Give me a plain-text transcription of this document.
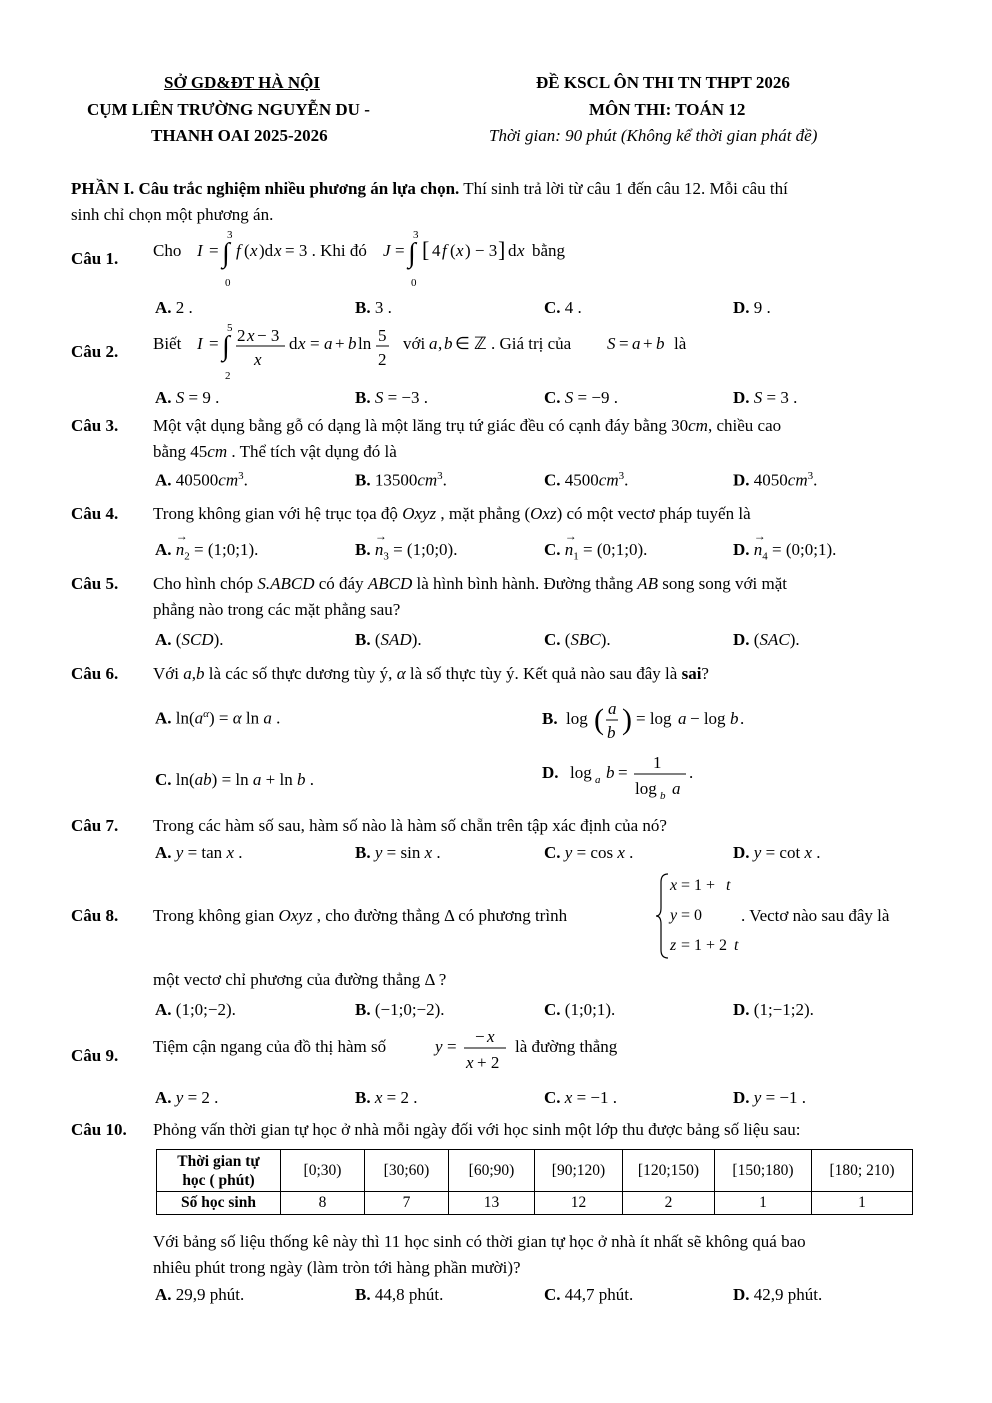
SỞ GD&ĐT HÀ NỘI
CỤM LIÊN TRƯỜNG NGUYỄN DU -
THANH OAI 2025-2026
ĐỀ KSCL ÔN THI TN THPT 2026
MÔN THI: TOÁN 12
Thời gian: 90 phút (Không kể thời gian phát đề)
PHẦN I. Câu trắc nghiệm nhiều phương án lựa chọn. Thí sinh trả lời từ câu 1 đến câu 12. Mỗi câu thí
sinh chỉ chọn một phương án.
Câu 1. Cho I = ∫
3
0
f ( x )d x = 3 . Khi đó J = ∫
3
0
[ 4 f ( x ) − 3 ] d x bằng
A. 2 .	B. 3 .	C. 4 .	D. 9 .
Câu 2. Biết I = ∫
5
2
2 x − 3
x
d x = a + b ln 5
2
với a , b ∈ ℤ . Giá trị của S = a + b là
A. S = 9 .	B. S = −3 .	C. S = −9 .	D. S = 3 .
Câu 3. Một vật dụng bằng gỗ có dạng là một lăng trụ tứ giác đều có cạnh đáy bằng 30cm, chiều cao
bằng 45cm . Thể tích vật dụng đó là
A. $40500cm^3$.	B. $13500cm^3$.	C. $4500cm^3$.	D. $4050cm^3$.
Câu 4. Trong không gian với hệ trục tọa độ Oxyz , mặt phẳng (Oxz) có một vectơ pháp tuyến là
A.
→
$n_2$ = (1;0;1).	B.
→
$n_3$ = (1;0;0).	C.
→
$n_1$ = (0;1;0).	D.
→
$n_4$ = (0;0;1).
Câu 5. Cho hình chóp S.ABCD có đáy ABCD là hình bình hành. Đường thẳng AB song song với mặt
phẳng nào trong các mặt phẳng sau?
A. (SCD).	B. (SAD).	C. (SBC).	D. (SAC).
Câu 6. Với a,b là các số thực dương tùy ý, α là số thực tùy ý. Kết quả nào sau đây là sai?
A. $\ln(a^\alpha) = \alpha$ ln a .	B. log ( a
b ) = log a − log b .
C. ln(ab) = ln a + ln b .	D. log a b =
1
log b a
.
Câu 7. Trong các hàm số sau, hàm số nào là hàm số chẵn trên tập xác định của nó?
A. y = tan x .	B. y = sin x .	C. y = cos x .	D. y = cot x .
Câu 8. Trong không gian Oxyz , cho đường thẳng Δ có phương trình
x = 1 + t
y = 0
z = 1 + 2 t
. Vectơ nào sau đây là
một vectơ chỉ phương của đường thẳng Δ ?
A. (1;0;−2).	B. (−1;0;−2).	C. (1;0;1).	D. (1;−1;2).
Câu 9. Tiệm cận ngang của đồ thị hàm số	y =
− x
x + 2
là đường thẳng
A. y = 2 .	B. x = 2 .	C. x = −1 .	D. y = −1 .
Câu 10. Phỏng vấn thời gian tự học ở nhà mỗi ngày đối với học sinh một lớp thu được bảng số liệu sau:
Thời gian tự
học ( phút)	[0;30)	[30;60)	[60;90)	[90;120)	[120;150)	[150;180)	[180; 210)
Số học sinh	8	7	13	12	2	1	1
Với bảng số liệu thống kê này thì 11 học sinh có thời gian tự học ở nhà ít nhất sẽ không quá bao
nhiêu phút trong ngày (làm tròn tới hàng phần mười)?
A. 29,9 phút.	B. 44,8 phút.	C. 44,7 phút.	D. 42,9 phút.
